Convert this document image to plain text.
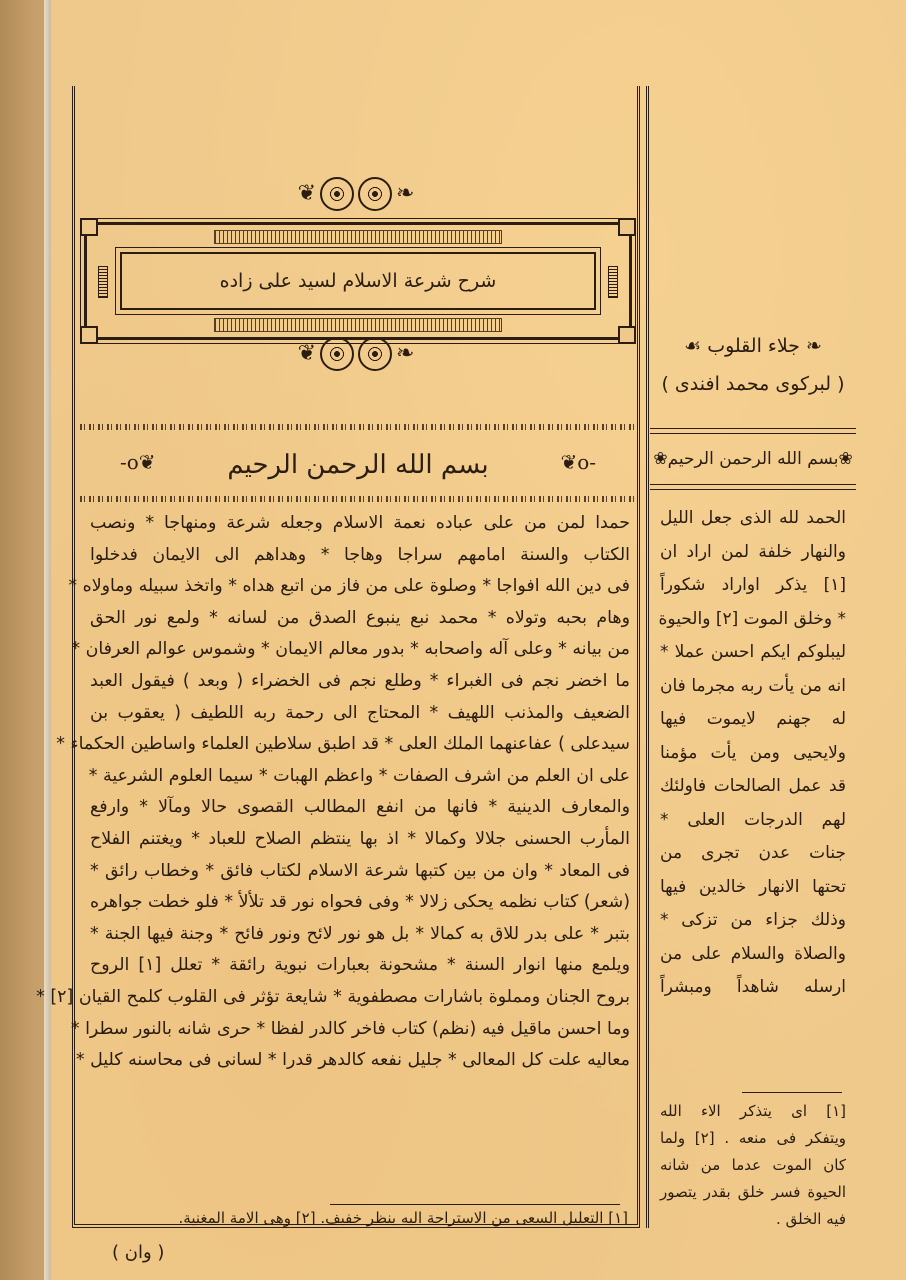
❦	❧
شرح شرعة الاسلام لسيد على زاده
❦	❧
-o❦	بسم الله الرحمن الرحيم	❦o-
حمدا لمن من على عباده نعمة الاسلام وجعله شرعة ومنهاجا * ونصب
الكتاب والسنة امامهم سراجا وهاجا * وهداهم الى الايمان فدخلوا
فى دين الله افواجا * وصلوة على من فاز من اتبع هداه * واتخذ سبيله وماولاه *
وهام بحبه وتولاه * محمد نبع ينبوع الصدق من لسانه * ولمع نور الحق
من بيانه * وعلى آله واصحابه * بدور معالم الايمان * وشموس عوالم العرفان *
ما اخضر نجم فى الغبراء * وطلع نجم فى الخضراء ( وبعد ) فيقول العبد
الضعيف والمذنب اللهيف * المحتاج الى رحمة ربه اللطيف ( يعقوب بن
سيدعلى ) عفاعنهما الملك العلى * قد اطبق سلاطين العلماء واساطين الحكماء *
على ان العلم من اشرف الصفات * واعظم الهبات * سيما العلوم الشرعية *
والمعارف الدينية * فانها من انفع المطالب القصوى حالا ومآلا * وارفع
المأرب الحسنى جلالا وكمالا * اذ بها ينتظم الصلاح للعباد * ويغتنم الفلاح
فى المعاد * وان من بين كتبها شرعة الاسلام لكتاب فائق * وخطاب رائق *
(شعر) كتاب نظمه يحكى زلالا * وفى فحواه نور قد تلألأ * فلو خطت جواهره
بتبر * على بدر للاق به كمالا * بل هو نور لائح ونور فائح * وجنة فيها الجنة *
ويلمع منها انوار السنة * مشحونة بعبارات نبوية رائقة * تعلل [١] الروح
بروح الجنان ومملوة باشارات مصطفوية * شايعة تؤثر فى القلوب كلمح القيان [٢] *
وما احسن ماقيل فيه (نظم) كتاب فاخر كالدر لفظا * حرى شانه بالنور سطرا *
معاليه علت كل المعالى * جليل نفعه كالدهر قدرا * لسانى فى محاسنه كليل *
[١] التعليل السعى من الاستراحة اليه ينظر خفيف. [٢] وهى الامة المغنية.
( وان )
❧ جلاء القلوب ☙
( لبركوى محمد افندى )
❀بسم الله الرحمن الرحيم❀
الحمد لله الذى جعل الليل
والنهار خلفة لمن اراد ان
[١] يذكر اواراد شكوراً
* وخلق الموت [٢] والحيوة
ليبلوكم ايكم احسن عملا *
انه من يأت ربه مجرما فان
له جهنم لايموت فيها
ولايحيى ومن يأت مؤمنا
قد عمل الصالحات فاولئك
لهم الدرجات العلى *
جنات عدن تجرى من
تحتها الانهار خالدين فيها
وذلك جزاء من تزكى *
والصلاة والسلام على من
ارسله شاهداً ومبشراً
[١] اى يتذكر الاء الله
ويتفكر فى منعه . [٢] ولما
كان الموت عدما من شانه
الحيوة فسر خلق بقدر يتصور
فيه الخلق .
